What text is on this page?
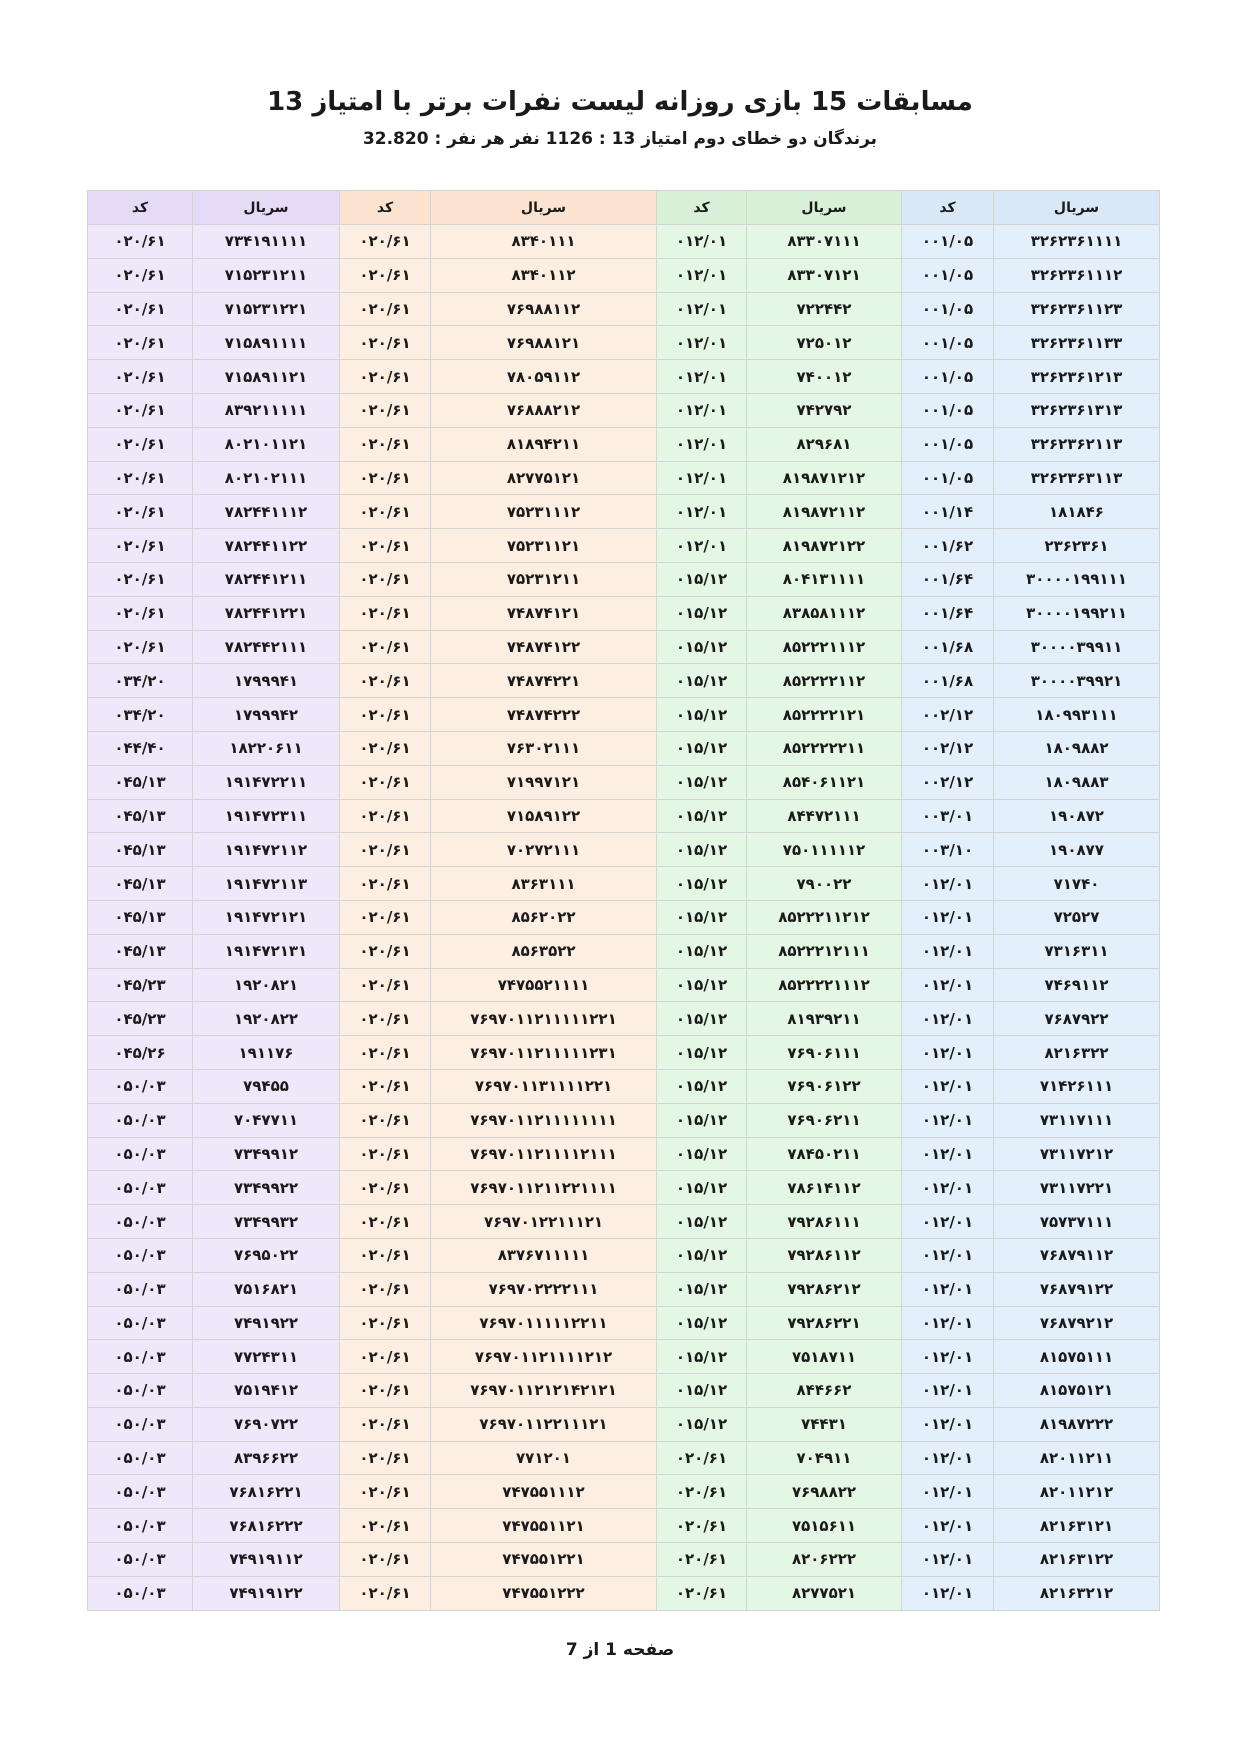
مسابقات 15 بازی روزانه لیست نفرات برتر با امتیاز 13

برندگان دو خطای دوم امتیاز 13 : 1126 نفر هر نفر : 32.820

سریال	کد	سریال	کد	سریال	کد	سریال	کد
۳۲۶۲۳۶۱۱۱۱	۰۰۱/۰۵	۸۳۳۰۷۱۱۱	۰۱۲/۰۱	۸۳۴۰۱۱۱	۰۲۰/۶۱	۷۳۴۱۹۱۱۱۱	۰۲۰/۶۱
۳۲۶۲۳۶۱۱۱۲	۰۰۱/۰۵	۸۳۳۰۷۱۲۱	۰۱۲/۰۱	۸۳۴۰۱۱۲	۰۲۰/۶۱	۷۱۵۲۳۱۲۱۱	۰۲۰/۶۱
۳۲۶۲۳۶۱۱۲۳	۰۰۱/۰۵	۷۲۲۴۴۲	۰۱۲/۰۱	۷۶۹۸۸۱۱۲	۰۲۰/۶۱	۷۱۵۲۳۱۲۲۱	۰۲۰/۶۱
۳۲۶۲۳۶۱۱۳۳	۰۰۱/۰۵	۷۲۵۰۱۲	۰۱۲/۰۱	۷۶۹۸۸۱۲۱	۰۲۰/۶۱	۷۱۵۸۹۱۱۱۱	۰۲۰/۶۱
۳۲۶۲۳۶۱۲۱۳	۰۰۱/۰۵	۷۴۰۰۱۲	۰۱۲/۰۱	۷۸۰۵۹۱۱۲	۰۲۰/۶۱	۷۱۵۸۹۱۱۲۱	۰۲۰/۶۱
۳۲۶۲۳۶۱۳۱۳	۰۰۱/۰۵	۷۴۲۷۹۲	۰۱۲/۰۱	۷۶۸۸۸۲۱۲	۰۲۰/۶۱	۸۳۹۲۱۱۱۱۱	۰۲۰/۶۱
۳۲۶۲۳۶۲۱۱۳	۰۰۱/۰۵	۸۲۹۶۸۱	۰۱۲/۰۱	۸۱۸۹۴۲۱۱	۰۲۰/۶۱	۸۰۲۱۰۱۱۲۱	۰۲۰/۶۱
۳۲۶۲۳۶۳۱۱۳	۰۰۱/۰۵	۸۱۹۸۷۱۲۱۲	۰۱۲/۰۱	۸۲۷۷۵۱۲۱	۰۲۰/۶۱	۸۰۲۱۰۲۱۱۱	۰۲۰/۶۱
۱۸۱۸۴۶	۰۰۱/۱۴	۸۱۹۸۷۲۱۱۲	۰۱۲/۰۱	۷۵۲۳۱۱۱۲	۰۲۰/۶۱	۷۸۲۴۴۱۱۱۲	۰۲۰/۶۱
۲۳۶۲۳۶۱	۰۰۱/۶۲	۸۱۹۸۷۲۱۲۲	۰۱۲/۰۱	۷۵۲۳۱۱۲۱	۰۲۰/۶۱	۷۸۲۴۴۱۱۲۲	۰۲۰/۶۱
۳۰۰۰۰۱۹۹۱۱۱	۰۰۱/۶۴	۸۰۴۱۳۱۱۱۱	۰۱۵/۱۲	۷۵۲۳۱۲۱۱	۰۲۰/۶۱	۷۸۲۴۴۱۲۱۱	۰۲۰/۶۱
۳۰۰۰۰۱۹۹۲۱۱	۰۰۱/۶۴	۸۳۸۵۸۱۱۱۲	۰۱۵/۱۲	۷۴۸۷۴۱۲۱	۰۲۰/۶۱	۷۸۲۴۴۱۲۲۱	۰۲۰/۶۱
۳۰۰۰۰۳۹۹۱۱	۰۰۱/۶۸	۸۵۲۲۲۱۱۱۲	۰۱۵/۱۲	۷۴۸۷۴۱۲۲	۰۲۰/۶۱	۷۸۲۴۴۲۱۱۱	۰۲۰/۶۱
۳۰۰۰۰۳۹۹۲۱	۰۰۱/۶۸	۸۵۲۲۲۲۱۱۲	۰۱۵/۱۲	۷۴۸۷۴۲۲۱	۰۲۰/۶۱	۱۷۹۹۹۴۱	۰۳۴/۲۰
۱۸۰۹۹۳۱۱۱	۰۰۲/۱۲	۸۵۲۲۲۲۱۲۱	۰۱۵/۱۲	۷۴۸۷۴۲۲۲	۰۲۰/۶۱	۱۷۹۹۹۴۲	۰۳۴/۲۰
۱۸۰۹۸۸۲	۰۰۲/۱۲	۸۵۲۲۲۲۲۱۱	۰۱۵/۱۲	۷۶۳۰۲۱۱۱	۰۲۰/۶۱	۱۸۲۲۰۶۱۱	۰۴۴/۴۰
۱۸۰۹۸۸۳	۰۰۲/۱۲	۸۵۴۰۶۱۱۲۱	۰۱۵/۱۲	۷۱۹۹۷۱۲۱	۰۲۰/۶۱	۱۹۱۴۷۲۲۱۱	۰۴۵/۱۳
۱۹۰۸۷۲	۰۰۳/۰۱	۸۴۴۷۲۱۱۱	۰۱۵/۱۲	۷۱۵۸۹۱۲۲	۰۲۰/۶۱	۱۹۱۴۷۲۳۱۱	۰۴۵/۱۳
۱۹۰۸۷۷	۰۰۳/۱۰	۷۵۰۱۱۱۱۱۲	۰۱۵/۱۲	۷۰۲۷۲۱۱۱	۰۲۰/۶۱	۱۹۱۴۷۲۱۱۲	۰۴۵/۱۳
۷۱۷۴۰	۰۱۲/۰۱	۷۹۰۰۲۲	۰۱۵/۱۲	۸۳۶۳۱۱۱	۰۲۰/۶۱	۱۹۱۴۷۲۱۱۳	۰۴۵/۱۳
۷۲۵۲۷	۰۱۲/۰۱	۸۵۲۲۲۱۱۲۱۲	۰۱۵/۱۲	۸۵۶۲۰۲۲	۰۲۰/۶۱	۱۹۱۴۷۲۱۲۱	۰۴۵/۱۳
۷۳۱۶۳۱۱	۰۱۲/۰۱	۸۵۲۲۲۱۲۱۱۱	۰۱۵/۱۲	۸۵۶۳۵۲۲	۰۲۰/۶۱	۱۹۱۴۷۲۱۳۱	۰۴۵/۱۳
۷۴۶۹۱۱۲	۰۱۲/۰۱	۸۵۲۲۲۲۱۱۱۲	۰۱۵/۱۲	۷۴۷۵۵۲۱۱۱۱	۰۲۰/۶۱	۱۹۲۰۸۲۱	۰۴۵/۲۳
۷۶۸۷۹۲۲	۰۱۲/۰۱	۸۱۹۳۹۲۱۱	۰۱۵/۱۲	۷۶۹۷۰۱۱۲۱۱۱۱۱۲۲۱	۰۲۰/۶۱	۱۹۲۰۸۲۲	۰۴۵/۲۳
۸۲۱۶۳۲۲	۰۱۲/۰۱	۷۶۹۰۶۱۱۱	۰۱۵/۱۲	۷۶۹۷۰۱۱۲۱۱۱۱۱۲۳۱	۰۲۰/۶۱	۱۹۱۱۷۶	۰۴۵/۲۶
۷۱۴۲۶۱۱۱	۰۱۲/۰۱	۷۶۹۰۶۱۲۲	۰۱۵/۱۲	۷۶۹۷۰۱۱۳۱۱۱۱۲۲۱	۰۲۰/۶۱	۷۹۴۵۵	۰۵۰/۰۳
۷۳۱۱۷۱۱۱	۰۱۲/۰۱	۷۶۹۰۶۲۱۱	۰۱۵/۱۲	۷۶۹۷۰۱۱۲۱۱۱۱۱۱۱۱	۰۲۰/۶۱	۷۰۴۷۷۱۱	۰۵۰/۰۳
۷۳۱۱۷۲۱۲	۰۱۲/۰۱	۷۸۴۵۰۲۱۱	۰۱۵/۱۲	۷۶۹۷۰۱۱۲۱۱۱۱۲۱۱۱	۰۲۰/۶۱	۷۳۴۹۹۱۲	۰۵۰/۰۳
۷۳۱۱۷۲۲۱	۰۱۲/۰۱	۷۸۶۱۴۱۱۲	۰۱۵/۱۲	۷۶۹۷۰۱۱۲۱۱۲۲۱۱۱۱	۰۲۰/۶۱	۷۳۴۹۹۲۲	۰۵۰/۰۳
۷۵۷۳۷۱۱۱	۰۱۲/۰۱	۷۹۲۸۶۱۱۱	۰۱۵/۱۲	۷۶۹۷۰۱۲۲۱۱۱۲۱	۰۲۰/۶۱	۷۳۴۹۹۳۲	۰۵۰/۰۳
۷۶۸۷۹۱۱۲	۰۱۲/۰۱	۷۹۲۸۶۱۱۲	۰۱۵/۱۲	۸۳۷۶۷۱۱۱۱۱	۰۲۰/۶۱	۷۶۹۵۰۲۲	۰۵۰/۰۳
۷۶۸۷۹۱۲۲	۰۱۲/۰۱	۷۹۲۸۶۲۱۲	۰۱۵/۱۲	۷۶۹۷۰۲۲۲۲۱۱۱	۰۲۰/۶۱	۷۵۱۶۸۲۱	۰۵۰/۰۳
۷۶۸۷۹۲۱۲	۰۱۲/۰۱	۷۹۲۸۶۲۲۱	۰۱۵/۱۲	۷۶۹۷۰۱۱۱۱۱۲۲۱۱	۰۲۰/۶۱	۷۴۹۱۹۲۲	۰۵۰/۰۳
۸۱۵۷۵۱۱۱	۰۱۲/۰۱	۷۵۱۸۷۱۱	۰۱۵/۱۲	۷۶۹۷۰۱۱۲۱۱۱۱۲۱۲	۰۲۰/۶۱	۷۷۲۴۳۱۱	۰۵۰/۰۳
۸۱۵۷۵۱۲۱	۰۱۲/۰۱	۸۴۴۶۶۲	۰۱۵/۱۲	۷۶۹۷۰۱۱۲۱۲۱۴۲۱۲۱	۰۲۰/۶۱	۷۵۱۹۴۱۲	۰۵۰/۰۳
۸۱۹۸۷۲۲۲	۰۱۲/۰۱	۷۴۴۳۱	۰۱۵/۱۲	۷۶۹۷۰۱۱۲۲۱۱۱۲۱	۰۲۰/۶۱	۷۶۹۰۷۲۲	۰۵۰/۰۳
۸۲۰۱۱۲۱۱	۰۱۲/۰۱	۷۰۴۹۱۱	۰۲۰/۶۱	۷۷۱۲۰۱	۰۲۰/۶۱	۸۳۹۶۶۲۲	۰۵۰/۰۳
۸۲۰۱۱۲۱۲	۰۱۲/۰۱	۷۶۹۸۸۲۲	۰۲۰/۶۱	۷۴۷۵۵۱۱۱۲	۰۲۰/۶۱	۷۶۸۱۶۲۲۱	۰۵۰/۰۳
۸۲۱۶۳۱۲۱	۰۱۲/۰۱	۷۵۱۵۶۱۱	۰۲۰/۶۱	۷۴۷۵۵۱۱۲۱	۰۲۰/۶۱	۷۶۸۱۶۲۲۲	۰۵۰/۰۳
۸۲۱۶۳۱۲۲	۰۱۲/۰۱	۸۲۰۶۲۲۲	۰۲۰/۶۱	۷۴۷۵۵۱۲۲۱	۰۲۰/۶۱	۷۴۹۱۹۱۱۲	۰۵۰/۰۳
۸۲۱۶۳۲۱۲	۰۱۲/۰۱	۸۲۷۷۵۲۱	۰۲۰/۶۱	۷۴۷۵۵۱۲۲۲	۰۲۰/۶۱	۷۴۹۱۹۱۲۲	۰۵۰/۰۳
صفحه 1 از 7
